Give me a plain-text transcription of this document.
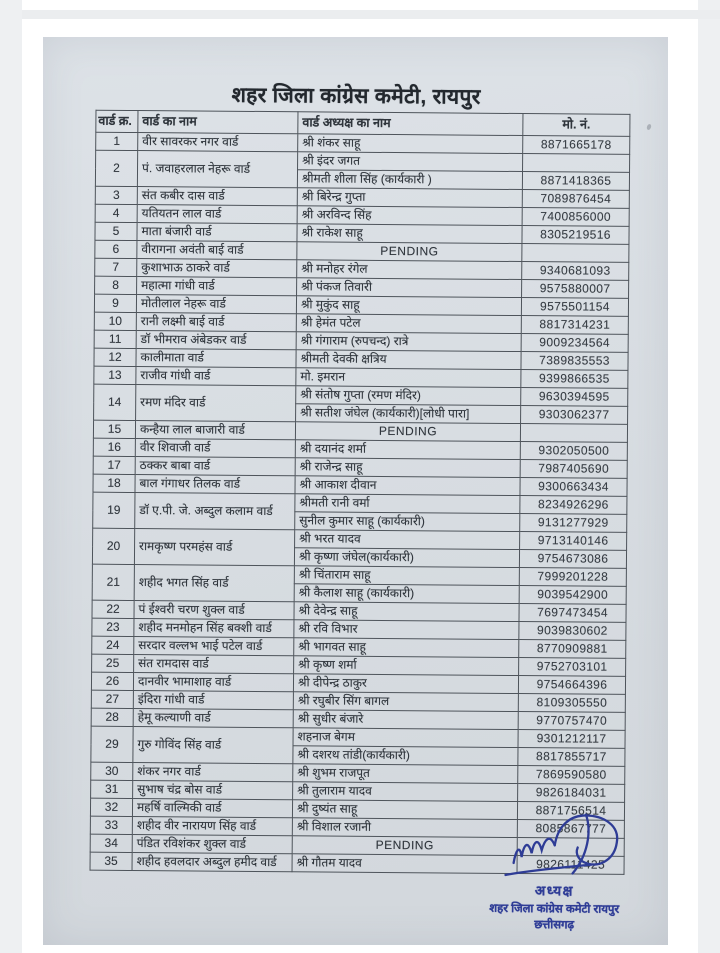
शहर जिला कांग्रेस कमेटी, रायपुर
वार्ड क्र.	वार्ड का नाम	वार्ड अध्यक्ष का नाम	मो. नं.
1	वीर सावरकर नगर वार्ड	श्री शंकर साहू	8871665178
2	पं. जवाहरलाल नेहरू वार्ड	श्री इंदर जगत	
		श्रीमती शीला सिंह (कार्यकारी )	8871418365
3	संत कबीर दास वार्ड	श्री बिरेन्द्र गुप्ता	7089876454
4	यतियतन लाल वार्ड	श्री अरविन्द सिंह	7400856000
5	माता बंजारी वार्ड	श्री राकेश साहू	8305219516
6	वीरागना अवंती बाई वार्ड	PENDING	
7	कुशाभाऊ ठाकरे वार्ड	श्री मनोहर रंगेल	9340681093
8	महात्मा गांधी वार्ड	श्री पंकज तिवारी	9575880007
9	मोतीलाल नेहरू वार्ड	श्री मुकुंद साहू	9575501154
10	रानी लक्ष्मी बाई वार्ड	श्री हेमंत पटेल	8817314231
11	डॉ भीमराव अंबेडकर वार्ड	श्री गंगाराम (रुपचन्द) रात्रे	9009234564
12	कालीमाता वार्ड	श्रीमती देवकी क्षत्रिय	7389835553
13	राजीव गांधी वार्ड	मो. इमरान	9399866535
14	रमण मंदिर वार्ड	श्री संतोष गुप्ता (रमण मंदिर)	9630394595
		श्री सतीश जंघेल (कार्यकारी)[लोधी पारा]	9303062377
15	कन्हैया लाल बाजारी वार्ड	PENDING	
16	वीर शिवाजी वार्ड	श्री दयानंद शर्मा	9302050500
17	ठक्कर बाबा वार्ड	श्री राजेन्द्र साहू	7987405690
18	बाल गंगाधर तिलक वार्ड	श्री आकाश दीवान	9300663434
19	डॉ ए.पी. जे. अब्दुल कलाम वार्ड	श्रीमती रानी वर्मा	8234926296
		सुनील कुमार साहू (कार्यकारी)	9131277929
20	रामकृष्ण परमहंस वार्ड	श्री भरत यादव	9713140146
		श्री कृष्णा जंघेल(कार्यकारी)	9754673086
21	शहीद भगत सिंह वार्ड	श्री चिंताराम साहू	7999201228
		श्री कैलाश साहू (कार्यकारी)	9039542900
22	पं ईश्वरी चरण शुक्ल वार्ड	श्री देवेन्द्र साहू	7697473454
23	शहीद मनमोहन सिंह बक्शी वार्ड	श्री रवि विभार	9039830602
24	सरदार वल्लभ भाई पटेल वार्ड	श्री भागवत साहू	8770909881
25	संत रामदास वार्ड	श्री कृष्ण शर्मा	9752703101
26	दानवीर भामाशाह वार्ड	श्री दीपेन्द्र ठाकुर	9754664396
27	इंदिरा गांधी वार्ड	श्री रघुबीर सिंग बागल	8109305550
28	हेमू कल्याणी वार्ड	श्री सुधीर बंजारे	9770757470
29	गुरु गोविंद सिंह वार्ड	शहनाज बेगम	9301212117
		श्री दशरथ तांडी(कार्यकारी)	8817855717
30	शंकर नगर वार्ड	श्री शुभम राजपूत	7869590580
31	सुभाष चंद्र बोस वार्ड	श्री तुलाराम यादव	9826184031
32	महर्षि वाल्मिकी वार्ड	श्री दुष्यंत साहू	8871756514
33	शहीद वीर नारायण सिंह वार्ड	श्री विशाल रजानी	8085867777
34	पंडित रविशंकर शुक्ल वार्ड	PENDING	
35	शहीद हवलदार अब्दुल हमीद वार्ड	श्री गौतम यादव	9826111425
अध्यक्ष
शहर जिला कांग्रेस कमेटी रायपुर
छत्तीसगढ़
